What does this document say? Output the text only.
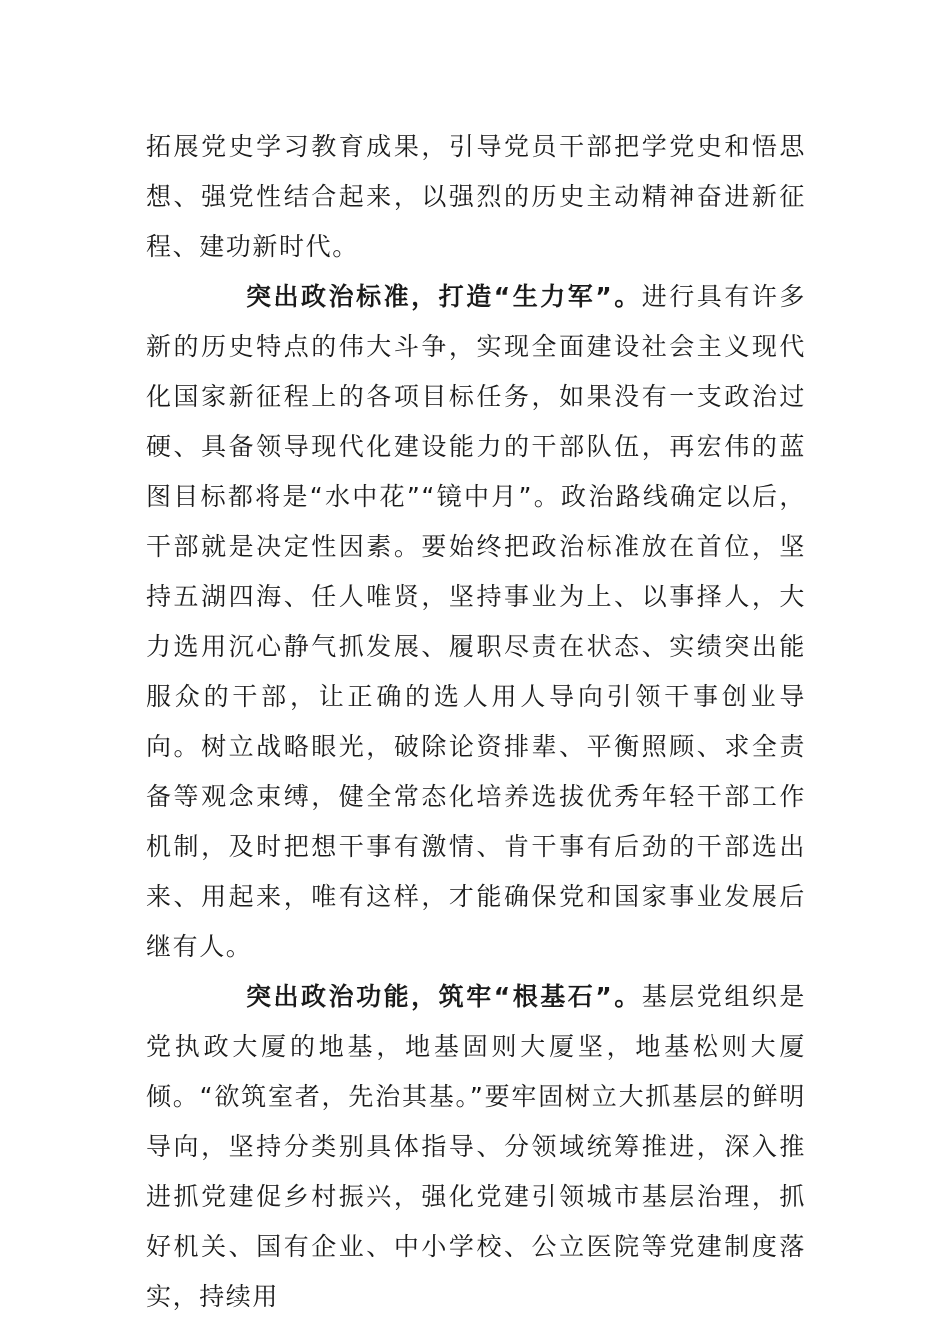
拓展党史学习教育成果，引导党员干部把学党史和悟思想、强党性结合起来，以强烈的历史主动精神奋进新征程、建功新时代。

突出政治标准，打造“生力军”。进行具有许多新的历史特点的伟大斗争，实现全面建设社会主义现代化国家新征程上的各项目标任务，如果没有一支政治过硬、具备领导现代化建设能力的干部队伍，再宏伟的蓝图目标都将是“水中花”“镜中月”。政治路线确定以后，干部就是决定性因素。要始终把政治标准放在首位，坚持五湖四海、任人唯贤，坚持事业为上、以事择人，大力选用沉心静气抓发展、履职尽责在状态、实绩突出能服众的干部，让正确的选人用人导向引领干事创业导向。树立战略眼光，破除论资排辈、平衡照顾、求全责备等观念束缚，健全常态化培养选拔优秀年轻干部工作机制，及时把想干事有激情、肯干事有后劲的干部选出来、用起来，唯有这样，才能确保党和国家事业发展后继有人。

突出政治功能，筑牢“根基石”。基层党组织是党执政大厦的地基，地基固则大厦坚，地基松则大厦倾。“欲筑室者，先治其基。”要牢固树立大抓基层的鲜明导向，坚持分类别具体指导、分领域统筹推进，深入推进抓党建促乡村振兴，强化党建引领城市基层治理，抓好机关、国有企业、中小学校、公立医院等党建制度落实，持续用
